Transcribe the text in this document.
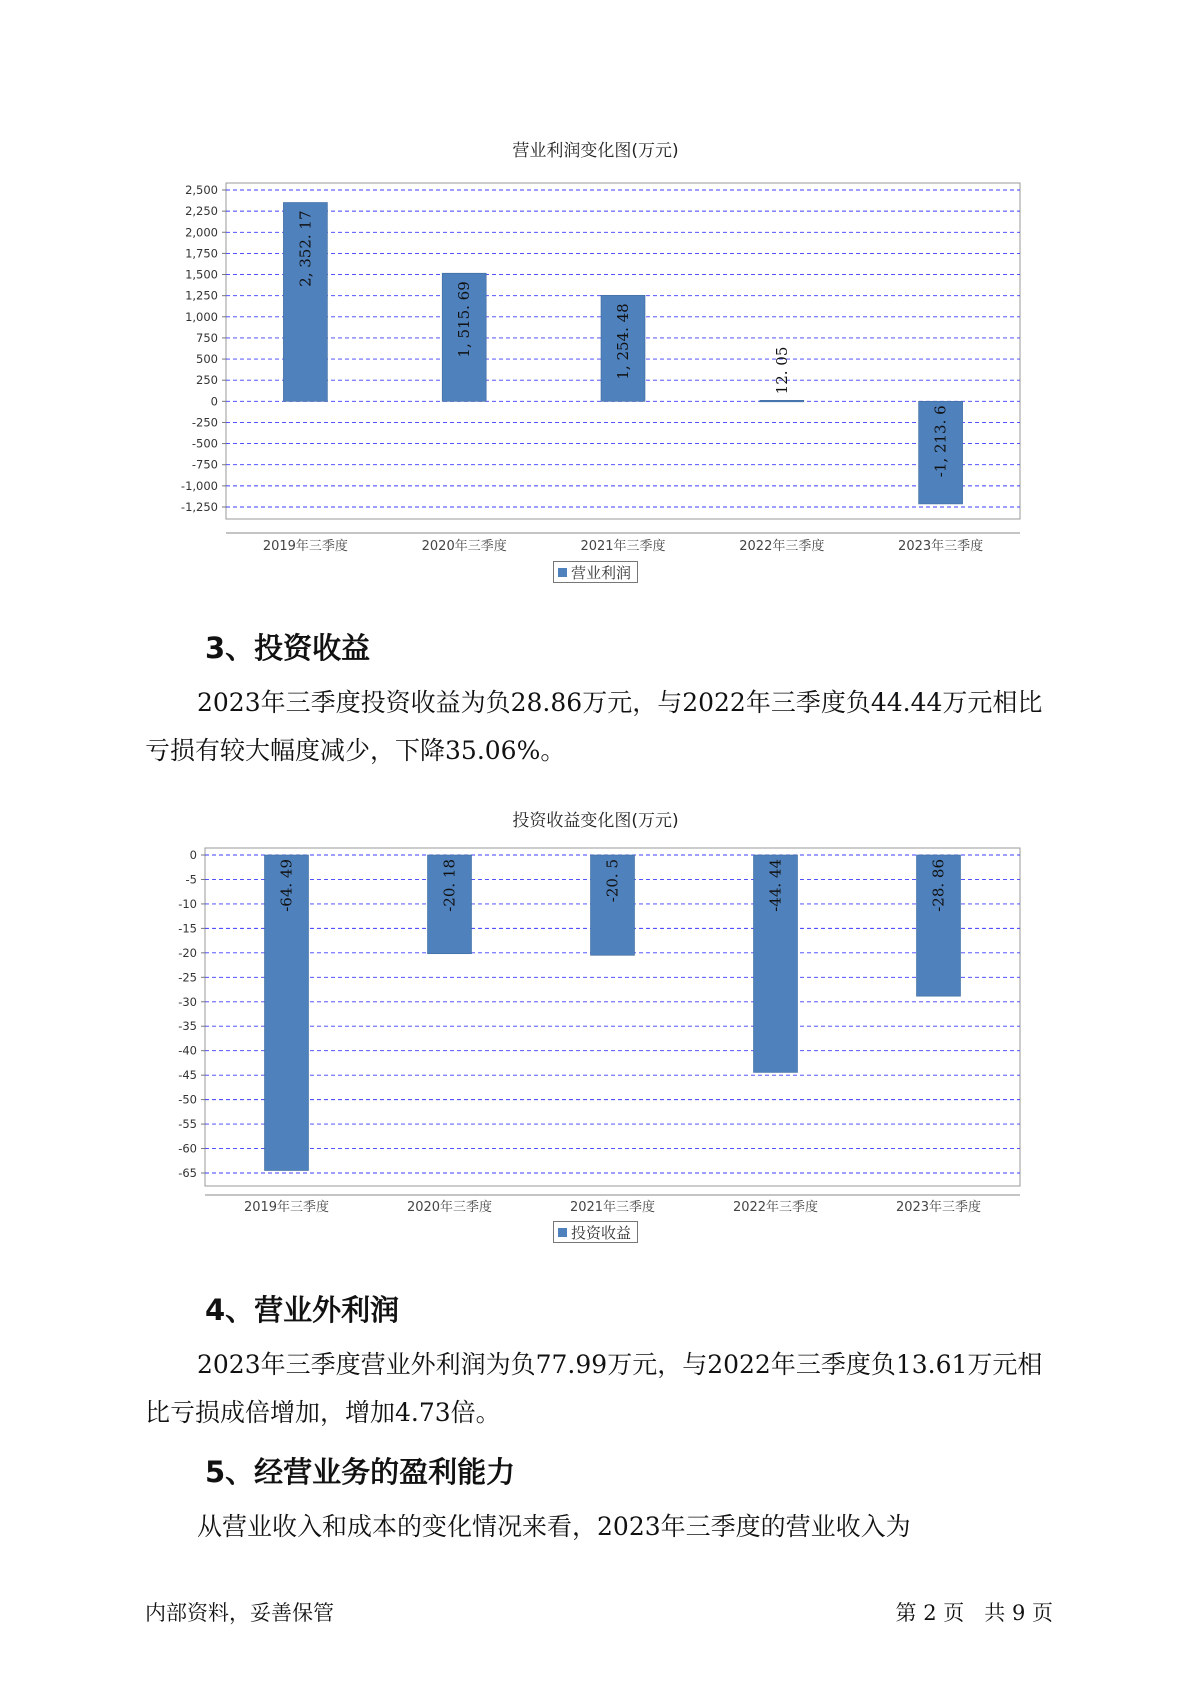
营业利润变化图(万元)
2,500
2,250
2,000
1,750
1,500
1,250
1,000
750
500
250
0
-250
-500
-750
-1,000
-1,250
2, 352. 17
2019年三季度
1, 515. 69
2020年三季度
1, 254. 48
2021年三季度
12. 05
2022年三季度
-1, 213. 6
2023年三季度
营业利润
3、投资收益

2023年三季度投资收益为负28.86万元，与2022年三季度负44.44万元相比亏损有较大幅度减少，下降35.06%。

投资收益变化图(万元)
0
-5
-10
-15
-20
-25
-30
-35
-40
-45
-50
-55
-60
-65
-64. 49
2019年三季度
-20. 18
2020年三季度
-20. 5
2021年三季度
-44. 44
2022年三季度
-28. 86
2023年三季度
投资收益
4、营业外利润

2023年三季度营业外利润为负77.99万元，与2022年三季度负13.61万元相比亏损成倍增加，增加4.73倍。

5、经营业务的盈利能力

从营业收入和成本的变化情况来看，2023年三季度的营业收入为

内部资料，妥善保管	第 2 页   共 9 页
